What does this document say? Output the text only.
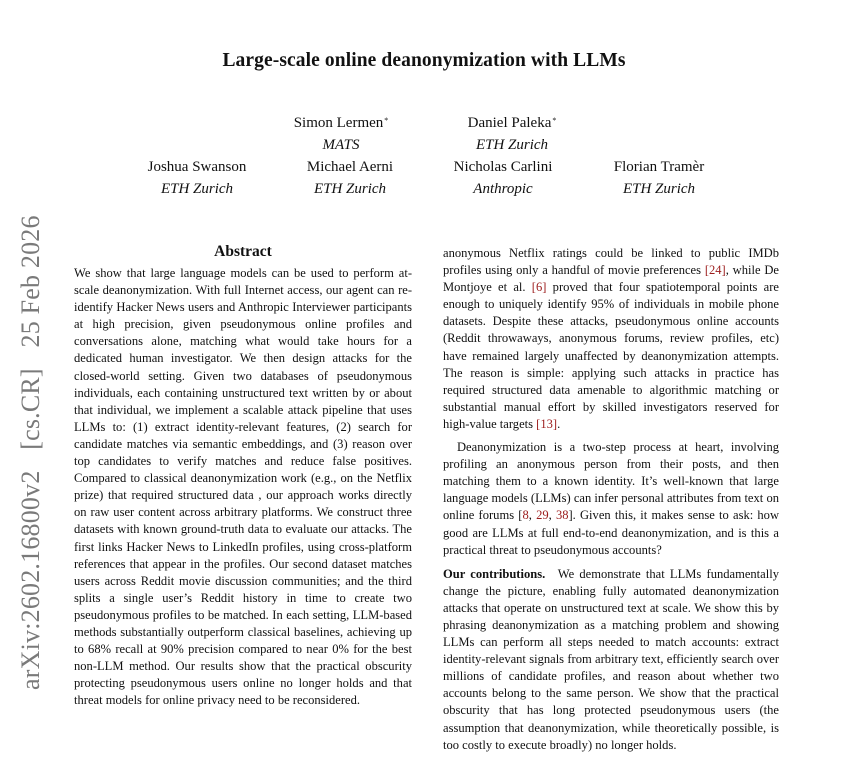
arXiv:2602.16800v2 [cs.CR] 25 Feb 2026
Large-scale online deanonymization with LLMs
Simon Lermen*
MATS
Daniel Paleka*
ETH Zurich
Joshua Swanson
ETH Zurich
Michael Aerni
ETH Zurich
Nicholas Carlini
Anthropic
Florian Tramèr
ETH Zurich
Abstract

We show that large language models can be used to perform at-scale deanonymization. With full Internet access, our agent can re-identify Hacker News users and Anthropic Interviewer participants at high precision, given pseudonymous online profiles and conversations alone, matching what would take hours for a dedicated human investigator. We then design attacks for the closed-world setting. Given two databases of pseudonymous individuals, each containing unstructured text written by or about that individual, we implement a scalable attack pipeline that uses LLMs to: (1) extract identity-relevant features, (2) search for candidate matches via semantic embeddings, and (3) reason over top candidates to verify matches and reduce false positives. Compared to classical deanonymization work (e.g., on the Netflix prize) that required structured data , our approach works directly on raw user content across arbitrary platforms. We construct three datasets with known ground-truth data to evaluate our attacks. The first links Hacker News to LinkedIn profiles, using cross-platform references that appear in the profiles. Our second dataset matches users across Reddit movie discussion communities; and the third splits a single user’s Reddit history in time to create two pseudonymous profiles to be matched. In each setting, LLM-based methods substantially outperform classical baselines, achieving up to 68% recall at 90% precision compared to near 0% for the best non-LLM method. Our results show that the practical obscurity protecting pseudonymous users online no longer holds and that threat models for online privacy need to be reconsidered.

anonymous Netflix ratings could be linked to public IMDb profiles using only a handful of movie preferences [24], while De Montjoye et al. [6] proved that four spatiotemporal points are enough to uniquely identify 95% of individuals in mobile phone datasets. Despite these attacks, pseudonymous online accounts (Reddit throwaways, anonymous forums, review profiles, etc) have remained largely unaffected by deanonymization attempts. The reason is simple: applying such attacks in practice has required structured data amenable to algorithmic matching or substantial manual effort by skilled investigators reserved for high-value targets [13].

Deanonymization is a two-step process at heart, involving profiling an anonymous person from their posts, and then matching them to a known identity. It’s well-known that large language models (LLMs) can infer personal attributes from text on online forums [8, 29, 38]. Given this, it makes sense to ask: how good are LLMs at full end-to-end deanonymization, and is this a practical threat to pseudonymous accounts?

Our contributions. We demonstrate that LLMs fundamentally change the picture, enabling fully automated deanonymization attacks that operate on unstructured text at scale. We show this by phrasing deanonymization as a matching problem and showing LLMs can perform all steps needed to match accounts: extract identity-relevant signals from arbitrary text, efficiently search over millions of candidate profiles, and reason about whether two accounts belong to the same person. We show that the practical obscurity that has long protected pseudonymous users (the assumption that deanonymization, while theoretically possible, is too costly to execute broadly) no longer holds.
